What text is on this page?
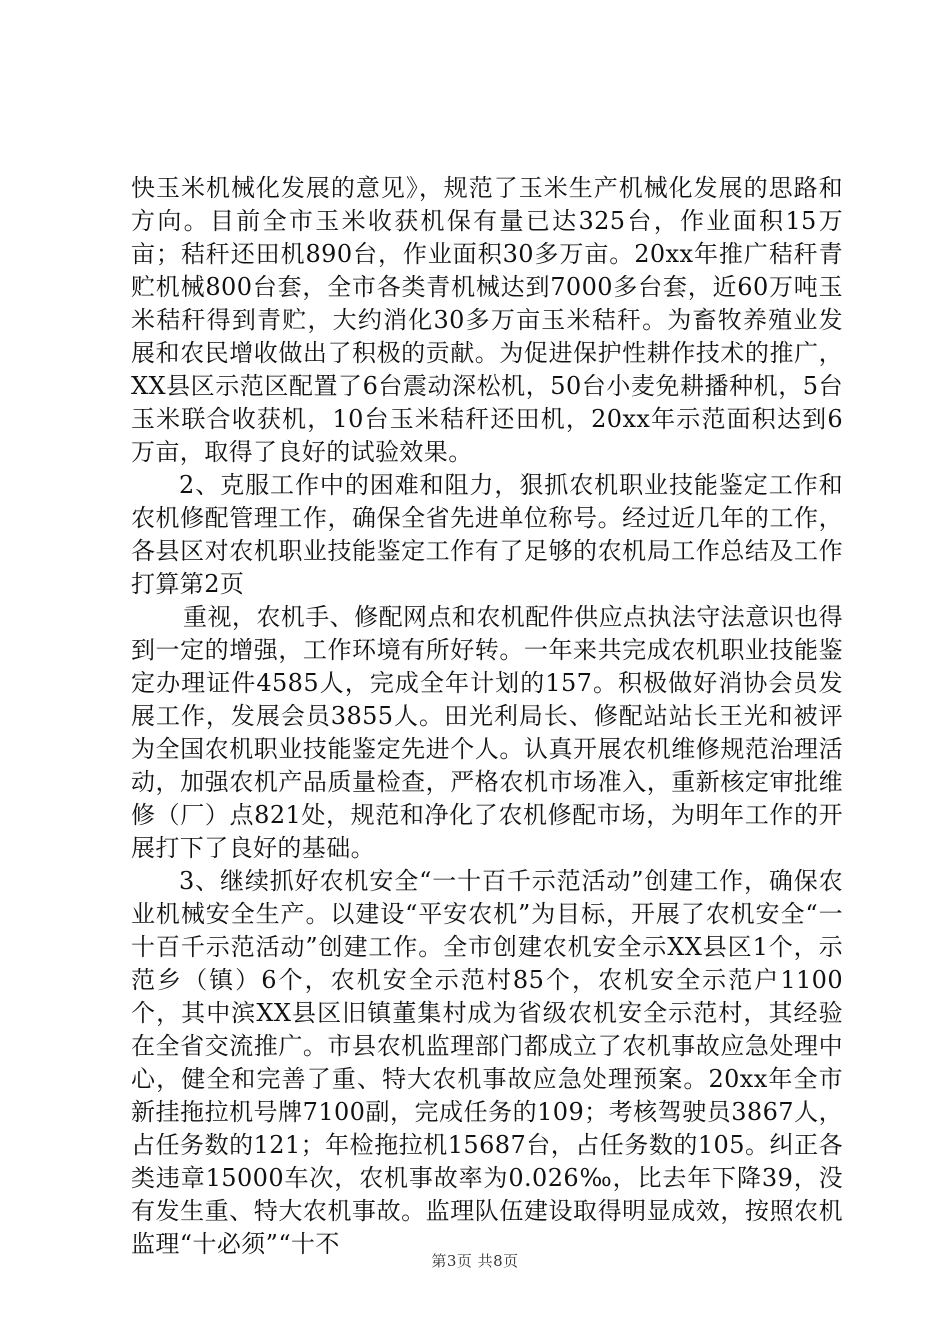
快玉米机械化发展的意见》，规范了玉米生产机械化发展的思路和方向。目前全市玉米收获机保有量已达325台，作业面积15万亩；秸秆还田机890台，作业面积30多万亩。20xx年推广秸秆青贮机械800台套，全市各类青机械达到7000多台套，近60万吨玉米秸秆得到青贮，大约消化30多万亩玉米秸秆。为畜牧养殖业发展和农民增收做出了积极的贡献。为促进保护性耕作技术的推广，XX县区示范区配置了6台震动深松机，50台小麦免耕播种机，5台玉米联合收获机，10台玉米秸秆还田机，20xx年示范面积达到6万亩，取得了良好的试验效果。

2、克服工作中的困难和阻力，狠抓农机职业技能鉴定工作和农机修配管理工作，确保全省先进单位称号。经过近几年的工作，各县区对农机职业技能鉴定工作有了足够的农机局工作总结及工作打算第2页

重视，农机手、修配网点和农机配件供应点执法守法意识也得到一定的增强，工作环境有所好转。一年来共完成农机职业技能鉴定办理证件4585人，完成全年计划的157。积极做好消协会员发展工作，发展会员3855人。田光利局长、修配站站长王光和被评为全国农机职业技能鉴定先进个人。认真开展农机维修规范治理活动，加强农机产品质量检查，严格农机市场准入，重新核定审批维修（厂）点821处，规范和净化了农机修配市场，为明年工作的开展打下了良好的基础。

3、继续抓好农机安全“一十百千示范活动”创建工作，确保农业机械安全生产。以建设“平安农机”为目标，开展了农机安全“一十百千示范活动”创建工作。全市创建农机安全示XX县区1个，示范乡（镇）6个，农机安全示范村85个，农机安全示范户1100个，其中滨XX县区旧镇董集村成为省级农机安全示范村，其经验在全省交流推广。市县农机监理部门都成立了农机事故应急处理中心，健全和完善了重、特大农机事故应急处理预案。20xx年全市新挂拖拉机号牌7100副，完成任务的109；考核驾驶员3867人，占任务数的121；年检拖拉机15687台，占任务数的105。纠正各类违章15000车次，农机事故率为0.026‰，比去年下降39，没有发生重、特大农机事故。监理队伍建设取得明显成效，按照农机监理“十必须”“十不

第3页 共8页
